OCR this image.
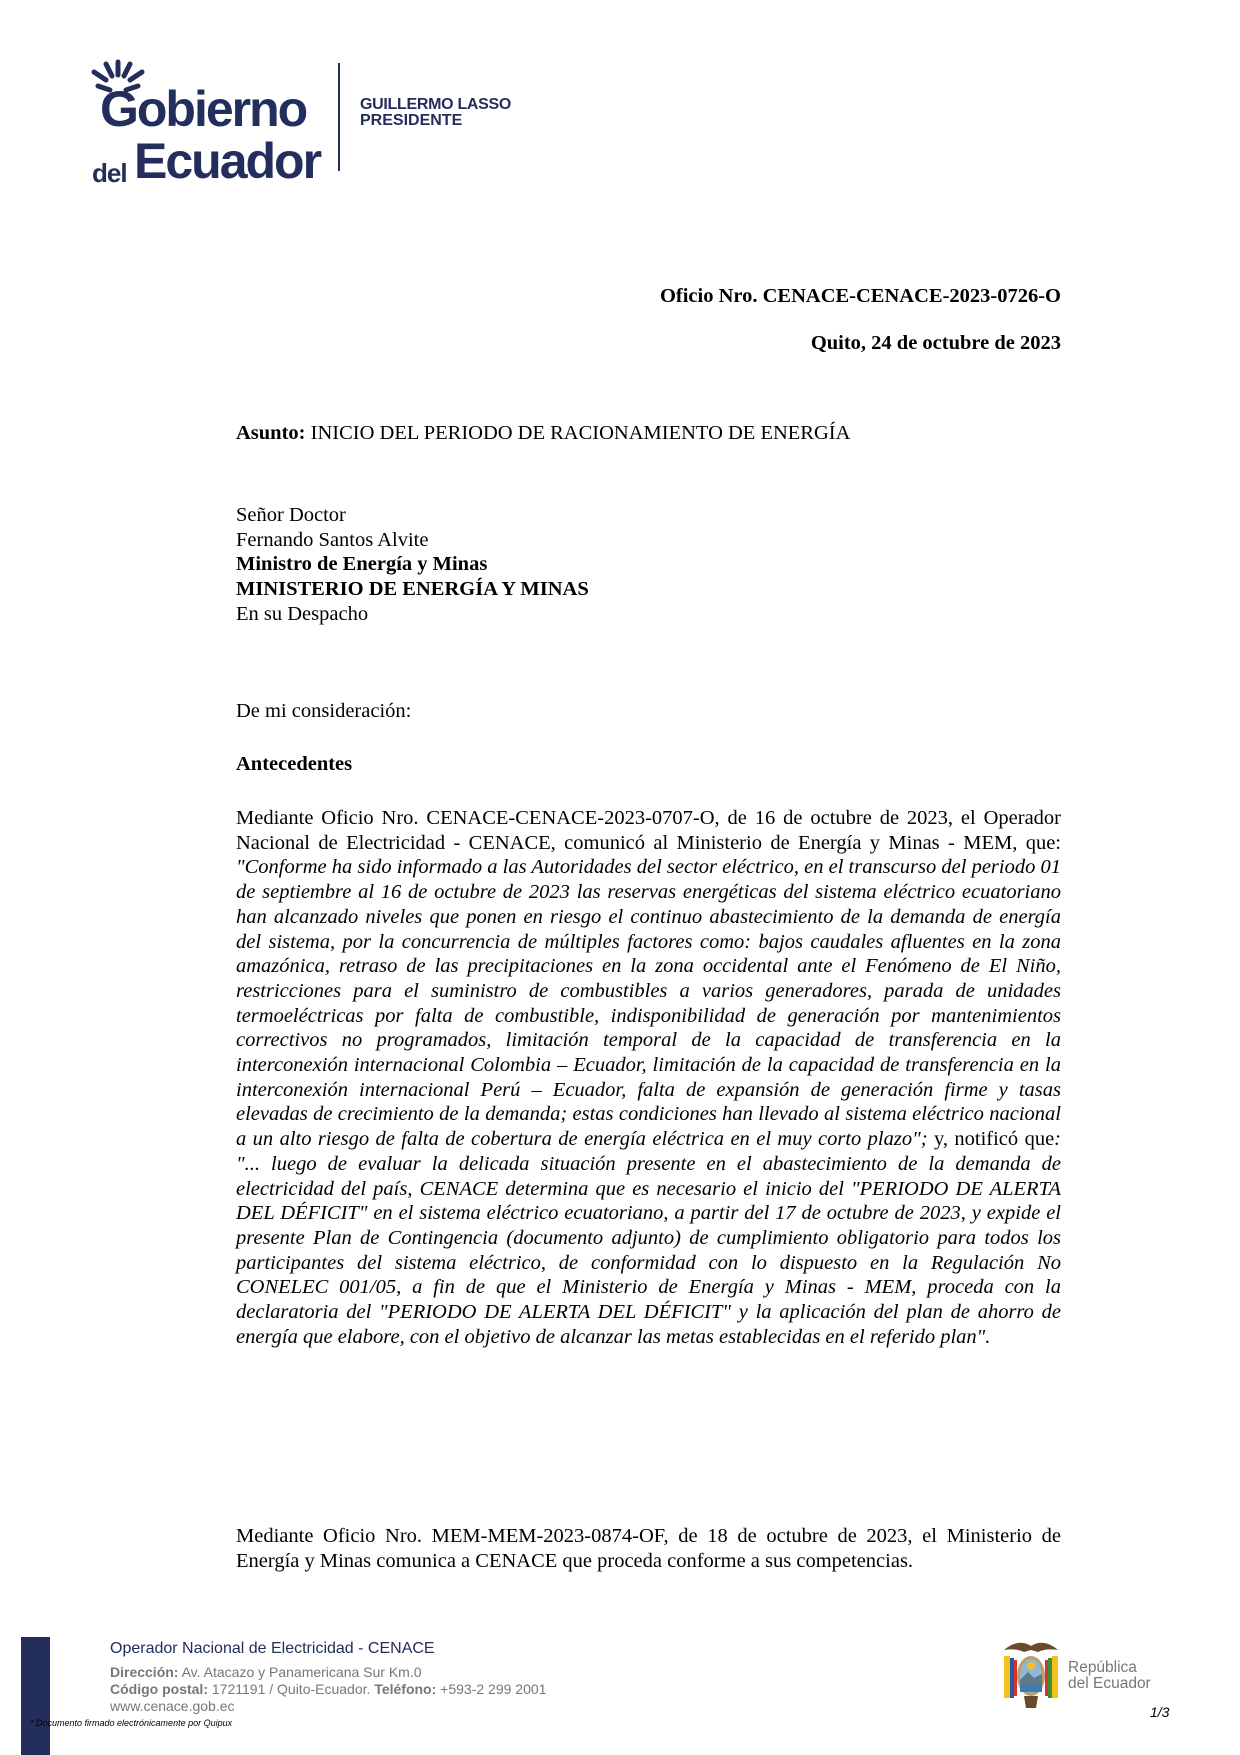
Gobierno
del Ecuador
GUILLERMO LASSO
PRESIDENTE
Oficio Nro. CENACE-CENACE-2023-0726-O
Quito, 24 de octubre de 2023
Asunto: INICIO DEL PERIODO DE RACIONAMIENTO DE ENERGÍA
Señor Doctor
Fernando Santos Alvite
Ministro de Energía y Minas
MINISTERIO DE ENERGÍA Y MINAS
En su Despacho
De mi consideración:
Antecedentes
Mediante Oficio Nro. CENACE-CENACE-2023-0707-O, de 16 de octubre de 2023, el Operador Nacional de Electricidad - CENACE, comunicó al Ministerio de Energía y Minas - MEM, que: "Conforme ha sido informado a las Autoridades del sector eléctrico, en el transcurso del periodo 01 de septiembre al 16 de octubre de 2023 las reservas energéticas del sistema eléctrico ecuatoriano han alcanzado niveles que ponen en riesgo el continuo abastecimiento de la demanda de energía del sistema, por la concurrencia de múltiples factores como: bajos caudales afluentes en la zona amazónica, retraso de las precipitaciones en la zona occidental ante el Fenómeno de El Niño, restricciones para el suministro de combustibles a varios generadores, parada de unidades termoeléctricas por falta de combustible, indisponibilidad de generación por mantenimientos correctivos no programados, limitación temporal de la capacidad de transferencia en la interconexión internacional Colombia – Ecuador, limitación de la capacidad de transferencia en la interconexión internacional Perú – Ecuador, falta de expansión de generación firme y tasas elevadas de crecimiento de la demanda; estas condiciones han llevado al sistema eléctrico nacional a un alto riesgo de falta de cobertura de energía eléctrica en el muy corto plazo"; y, notificó que: "... luego de evaluar la delicada situación presente en el abastecimiento de la demanda de electricidad del país, CENACE determina que es necesario el inicio del "PERIODO DE ALERTA DEL DÉFICIT" en el sistema eléctrico ecuatoriano, a partir del 17 de octubre de 2023, y expide el presente Plan de Contingencia (documento adjunto) de cumplimiento obligatorio para todos los participantes del sistema eléctrico, de conformidad con lo dispuesto en la Regulación No CONELEC 001/05, a fin de que el Ministerio de Energía y Minas - MEM, proceda con la declaratoria del "PERIODO DE ALERTA DEL DÉFICIT" y la aplicación del plan de ahorro de energía que elabore, con el objetivo de alcanzar las metas establecidas en el referido plan".
Mediante Oficio Nro. MEM-MEM-2023-0874-OF, de 18 de octubre de 2023, el Ministerio de Energía y Minas comunica a CENACE que proceda conforme a sus competencias.
Operador Nacional de Electricidad - CENACE
Dirección: Av. Atacazo y Panamericana Sur Km.0
Código postal: 1721191 / Quito-Ecuador. Teléfono: +593-2 299 2001
www.cenace.gob.ec
* Documento firmado electrónicamente por Quipux
República
del Ecuador
1/3
